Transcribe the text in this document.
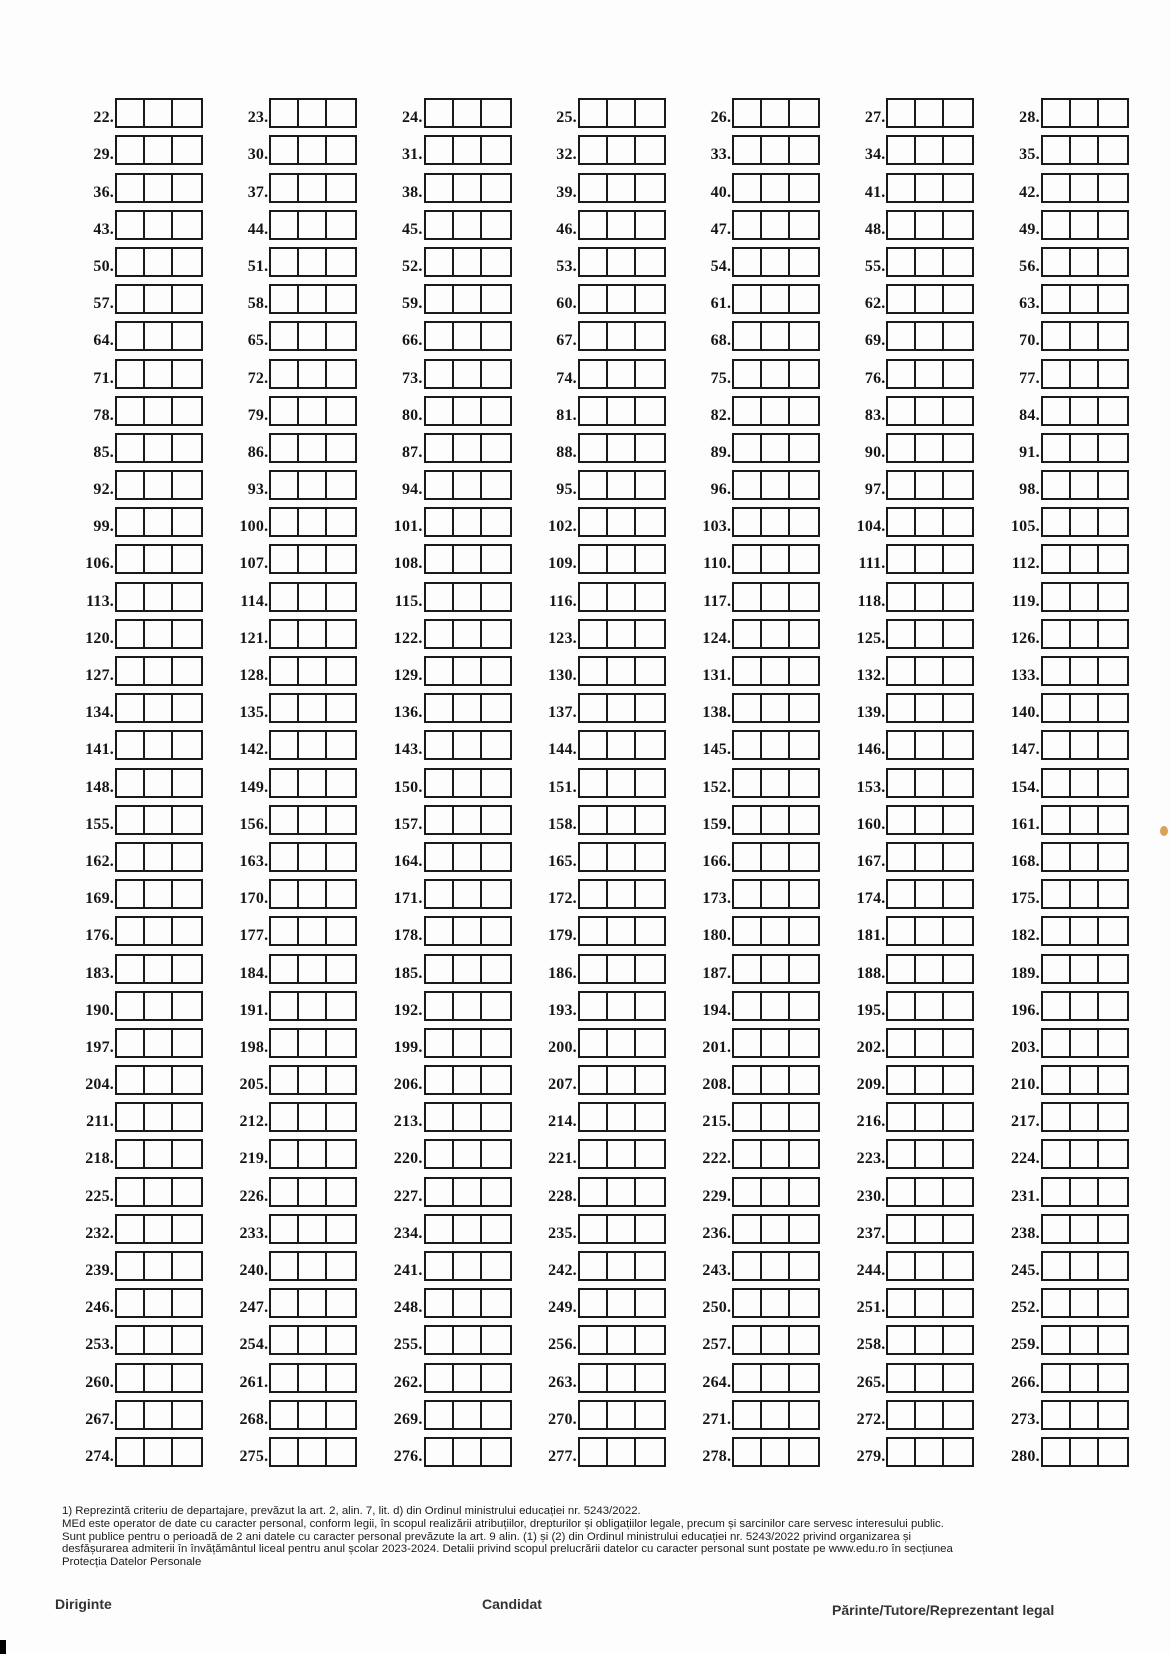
22.	23.	24.	25.	26.	27.	28.
29.	30.	31.	32.	33.	34.	35.
36.	37.	38.	39.	40.	41.	42.
43.	44.	45.	46.	47.	48.	49.
50.	51.	52.	53.	54.	55.	56.
57.	58.	59.	60.	61.	62.	63.
64.	65.	66.	67.	68.	69.	70.
71.	72.	73.	74.	75.	76.	77.
78.	79.	80.	81.	82.	83.	84.
85.	86.	87.	88.	89.	90.	91.
92.	93.	94.	95.	96.	97.	98.
99.	100.	101.	102.	103.	104.	105.
106.	107.	108.	109.	110.	111.	112.
113.	114.	115.	116.	117.	118.	119.
120.	121.	122.	123.	124.	125.	126.
127.	128.	129.	130.	131.	132.	133.
134.	135.	136.	137.	138.	139.	140.
141.	142.	143.	144.	145.	146.	147.
148.	149.	150.	151.	152.	153.	154.
155.	156.	157.	158.	159.	160.	161.
162.	163.	164.	165.	166.	167.	168.
169.	170.	171.	172.	173.	174.	175.
176.	177.	178.	179.	180.	181.	182.
183.	184.	185.	186.	187.	188.	189.
190.	191.	192.	193.	194.	195.	196.
197.	198.	199.	200.	201.	202.	203.
204.	205.	206.	207.	208.	209.	210.
211.	212.	213.	214.	215.	216.	217.
218.	219.	220.	221.	222.	223.	224.
225.	226.	227.	228.	229.	230.	231.
232.	233.	234.	235.	236.	237.	238.
239.	240.	241.	242.	243.	244.	245.
246.	247.	248.	249.	250.	251.	252.
253.	254.	255.	256.	257.	258.	259.
260.	261.	262.	263.	264.	265.	266.
267.	268.	269.	270.	271.	272.	273.
274.	275.	276.	277.	278.	279.	280.

1) Reprezintă criteriu de departajare, prevăzut la art. 2, alin. 7, lit. d) din Ordinul ministrului educației nr. 5243/2022.

MEd este operator de date cu caracter personal, conform legii, în scopul realizării atribuțiilor, drepturilor și obligațiilor legale, precum și sarcinilor care servesc interesului public.

Sunt publice pentru o perioadă de 2 ani datele cu caracter personal prevăzute la art. 9 alin. (1) și (2) din Ordinul ministrului educației nr. 5243/2022 privind organizarea și

desfășurarea admiterii în învățământul liceal pentru anul școlar 2023-2024. Detalii privind scopul prelucrării datelor cu caracter personal sunt postate pe www.edu.ro în secțiunea

Protecția Datelor Personale

Diriginte	Candidat	Părinte/Tutore/Reprezentant legal
